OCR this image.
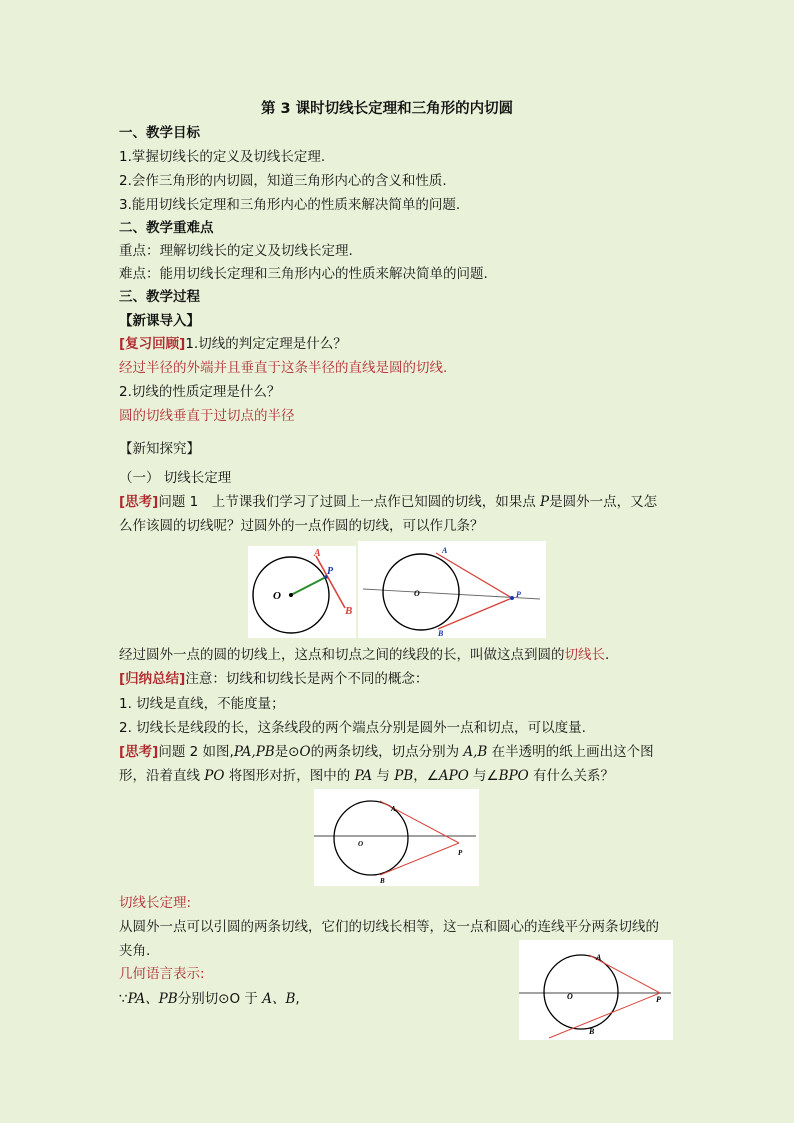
第 3 课时切线长定理和三角形的内切圆
一、教学目标
1.掌握切线长的定义及切线长定理.
2.会作三角形的内切圆，知道三角形内心的含义和性质.
3.能用切线长定理和三角形内心的性质来解决简单的问题.
二、教学重难点
重点：理解切线长的定义及切线长定理.
难点：能用切线长定理和三角形内心的性质来解决简单的问题.
三、教学过程
【新课导入】
[复习回顾]1.切线的判定定理是什么？
经过半径的外端并且垂直于这条半径的直线是圆的切线.
2.切线的性质定理是什么？
圆的切线垂直于过切点的半径
【新知探究】
（一） 切线长定理
[思考]问题 1　上节课我们学习了过圆上一点作已知圆的切线，如果点 P是圆外一点，又怎
么作该圆的切线呢？过圆外的一点作圆的切线，可以作几条？
O
A
P
B
O
A
P
B
经过圆外一点的圆的切线上，这点和切点之间的线段的长，叫做这点到圆的切线长.
[归纳总结]注意：切线和切线长是两个不同的概念：
1. 切线是直线，不能度量；
2. 切线长是线段的长，这条线段的两个端点分别是圆外一点和切点，可以度量.
[思考]问题 2 如图,PA,PB是⊙O的两条切线，切点分别为 A,B 在半透明的纸上画出这个图
形，沿着直线 PO 将图形对折，图中的 PA 与 PB，∠APO 与∠BPO 有什么关系？
O
A
P
B
切线长定理:
从圆外一点可以引圆的两条切线，它们的切线长相等，这一点和圆心的连线平分两条切线的
夹角.
几何语言表示:
∵PA、PB分别切⊙O 于 A、B,	O
A
P
B
